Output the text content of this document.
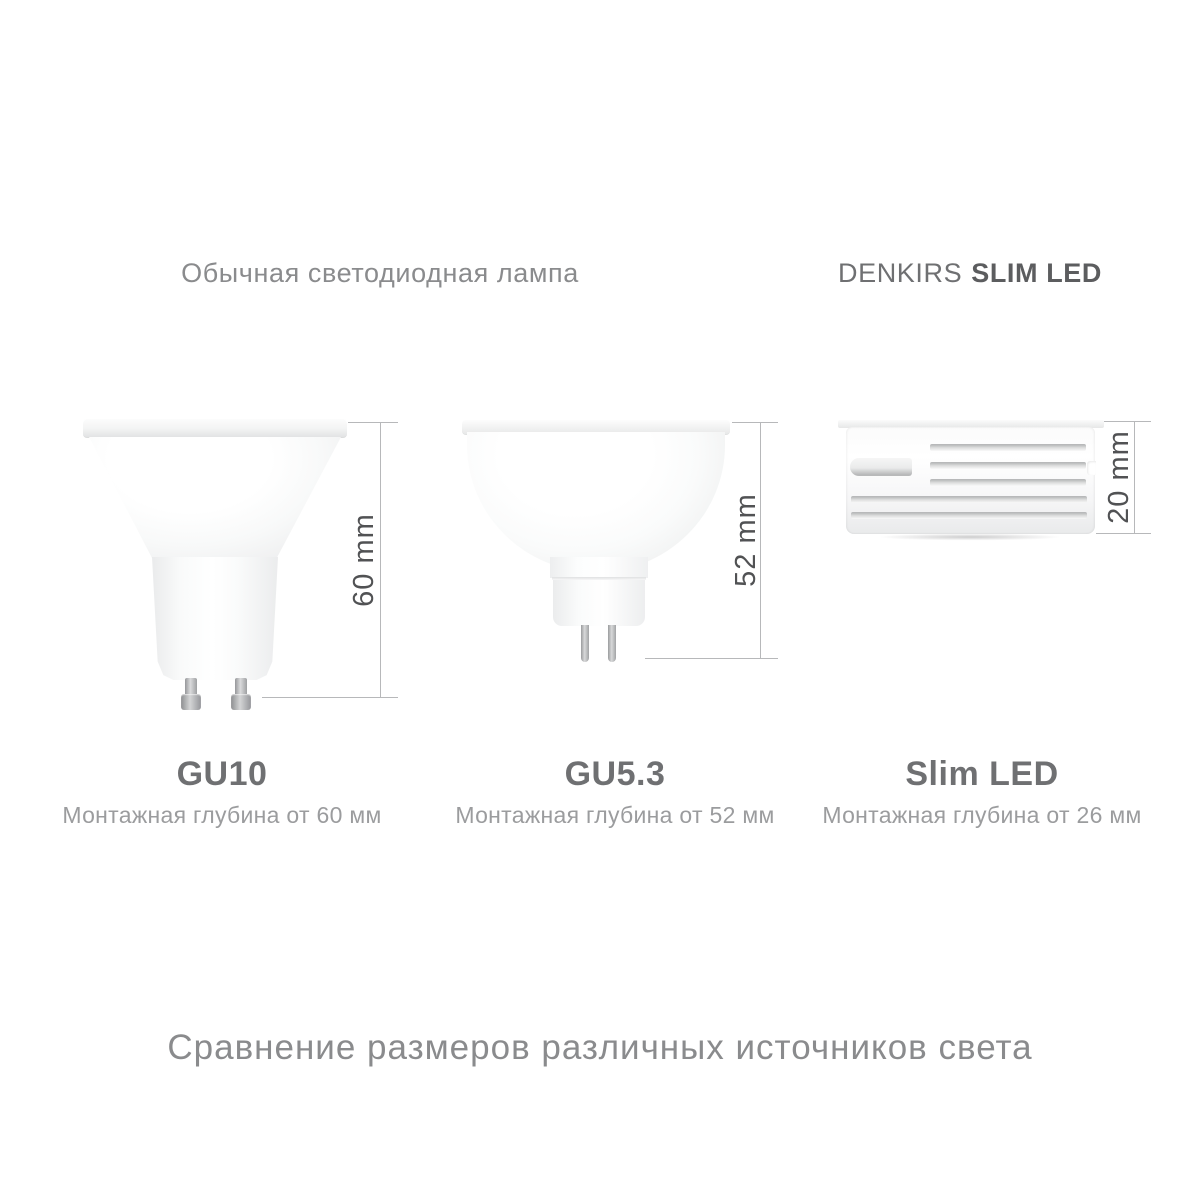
Обычная светодиодная лампа	DENKIRS SLIM LED
60 mm	52 mm
20 mm
GU10
Монтажная глубина от 60 мм
GU5.3
Монтажная глубина от 52 мм
Slim LED
Монтажная глубина от 26 мм
Сравнение размеров различных источников света
